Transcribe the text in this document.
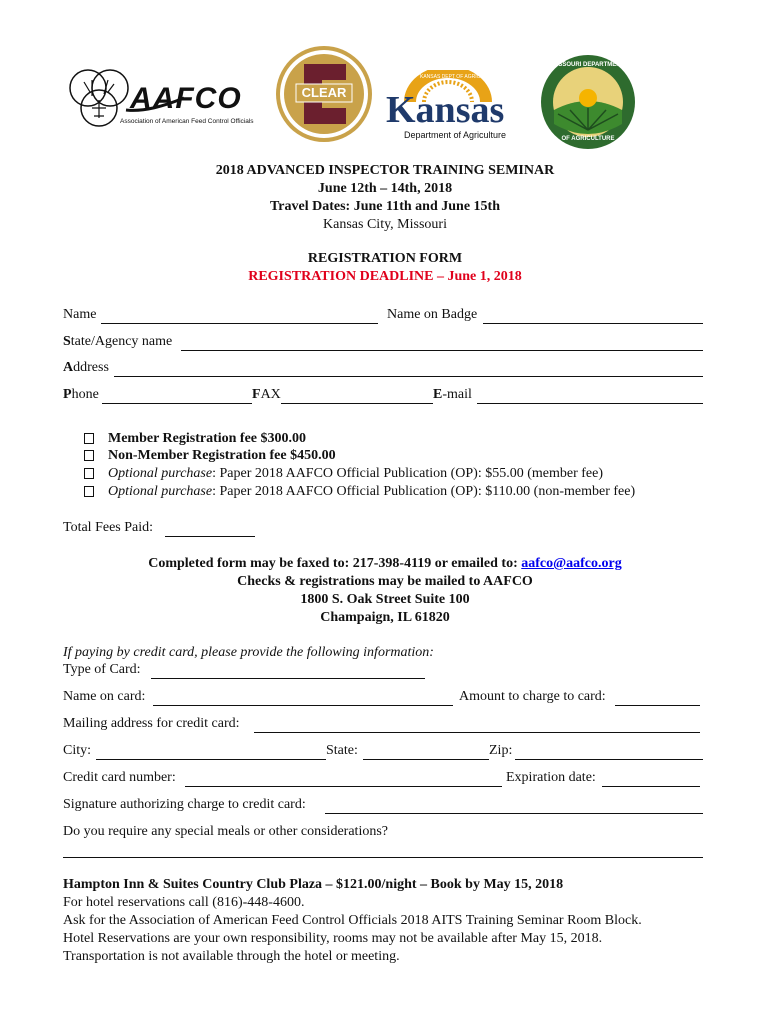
AAFCO
Association of American Feed Control Officials
CLEAR
KANSAS DEPT OF AGRICULTURE
Kansas
Department of Agriculture
MISSOURI DEPARTMENT
OF AGRICULTURE
2018 ADVANCED INSPECTOR TRAINING SEMINAR
June 12th – 14th, 2018
Travel Dates: June 11th and June 15th
Kansas City, Missouri
REGISTRATION FORM
REGISTRATION DEADLINE – June 1, 2018
Name	Name on Badge
State/Agency name
Address
Phone	FAX	E-mail
Member Registration fee $300.00
Non-Member Registration fee $450.00
Optional purchase: Paper 2018 AAFCO Official Publication (OP): $55.00 (member fee)
Optional purchase: Paper 2018 AAFCO Official Publication (OP): $110.00 (non-member fee)
Total Fees Paid:
Completed form may be faxed to: 217-398-4119 or emailed to: aafco@aafco.org
Checks & registrations may be mailed to AAFCO
1800 S. Oak Street Suite 100
Champaign, IL 61820
If paying by credit card, please provide the following information:
Type of Card:
Name on card:	Amount to charge to card:
Mailing address for credit card:
City:	State:	Zip:
Credit card number:	Expiration date:
Signature authorizing charge to credit card:
Do you require any special meals or other considerations?
Hampton Inn & Suites Country Club Plaza – $121.00/night – Book by May 15, 2018
For hotel reservations call (816)-448-4600.
Ask for the Association of American Feed Control Officials 2018 AITS Training Seminar Room Block.
Hotel Reservations are your own responsibility, rooms may not be available after May 15, 2018.
Transportation is not available through the hotel or meeting.
